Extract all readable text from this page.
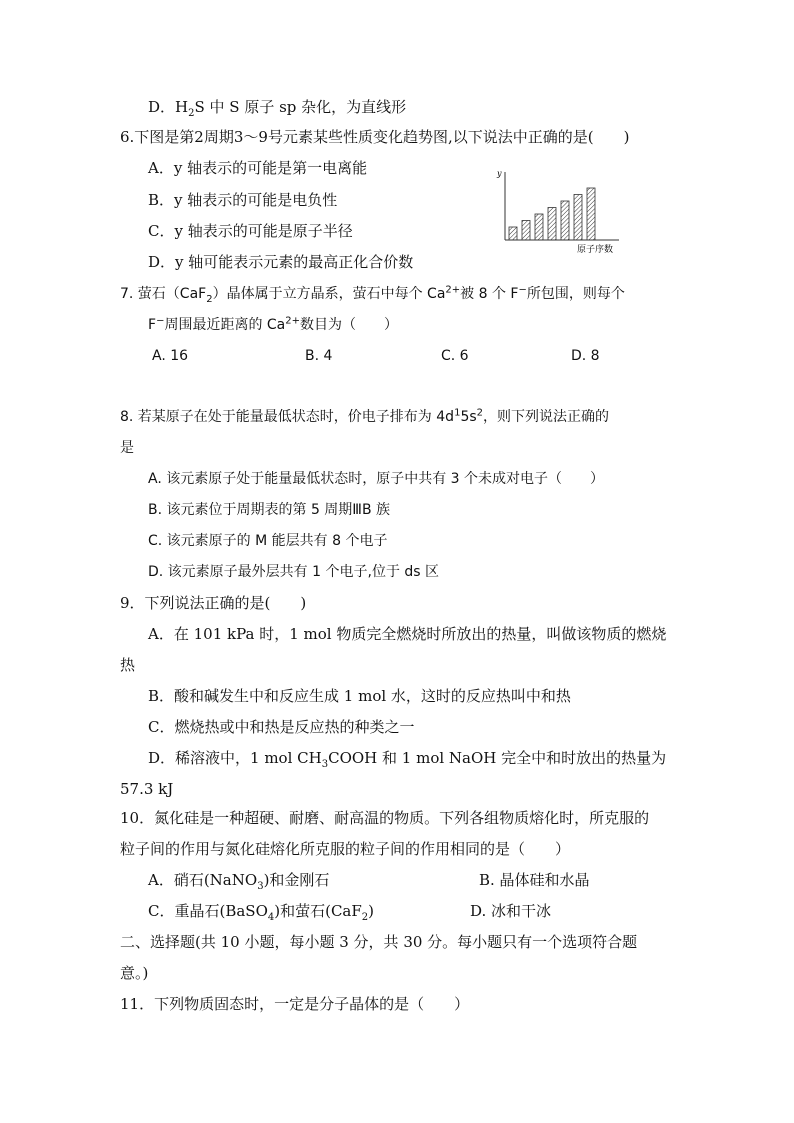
D．$H_2S$ 中 S 原子 sp 杂化，为直线形
6.下图是第2周期3～9号元素某些性质变化趋势图,以下说法中正确的是(　　)
A．y 轴表示的可能是第一电离能
B．y 轴表示的可能是电负性
C．y 轴表示的可能是原子半径
D．y 轴可能表示元素的最高正化合价数
y
原子序数
7. 萤石（CaF$_2$）晶体属于立方晶系，萤石中每个 $Ca^{2+}$被 8 个 F−所包围，则每个
F−周围最近距离的 $Ca^{2+}$数目为（　　）
A. 16	B. 4	C. 6	D. 8
8. 若某原子在处于能量最低状态时，价电子排布为 $4d^15s^2$，则下列说法正确的
是
A. 该元素原子处于能量最低状态时，原子中共有 3 个未成对电子（　　）
B. 该元素位于周期表的第 5 周期ⅢB 族
C. 该元素原子的 M 能层共有 8 个电子
D. 该元素原子最外层共有 1 个电子,位于 ds 区
9．下列说法正确的是(　　)
A．在 101 kPa 时，1 mol 物质完全燃烧时所放出的热量，叫做该物质的燃烧
热
B．酸和碱发生中和反应生成 1 mol 水，这时的反应热叫中和热
C．燃烧热或中和热是反应热的种类之一
D．稀溶液中，1 mol $CH_3COOH$ 和 1 mol NaOH 完全中和时放出的热量为
57.3 kJ
10．氮化硅是一种超硬、耐磨、耐高温的物质。下列各组物质熔化时，所克服的
粒子间的作用与氮化硅熔化所克服的粒子间的作用相同的是（　　）
A．硝石(NaNO$_3$)和金刚石	B. 晶体硅和水晶
C．重晶石(BaSO$_4$)和萤石(CaF$_2$)	D. 冰和干冰
二、选择题(共 10 小题，每小题 3 分，共 30 分。每小题只有一个选项符合题
意。)
11．下列物质固态时，一定是分子晶体的是（　　）
